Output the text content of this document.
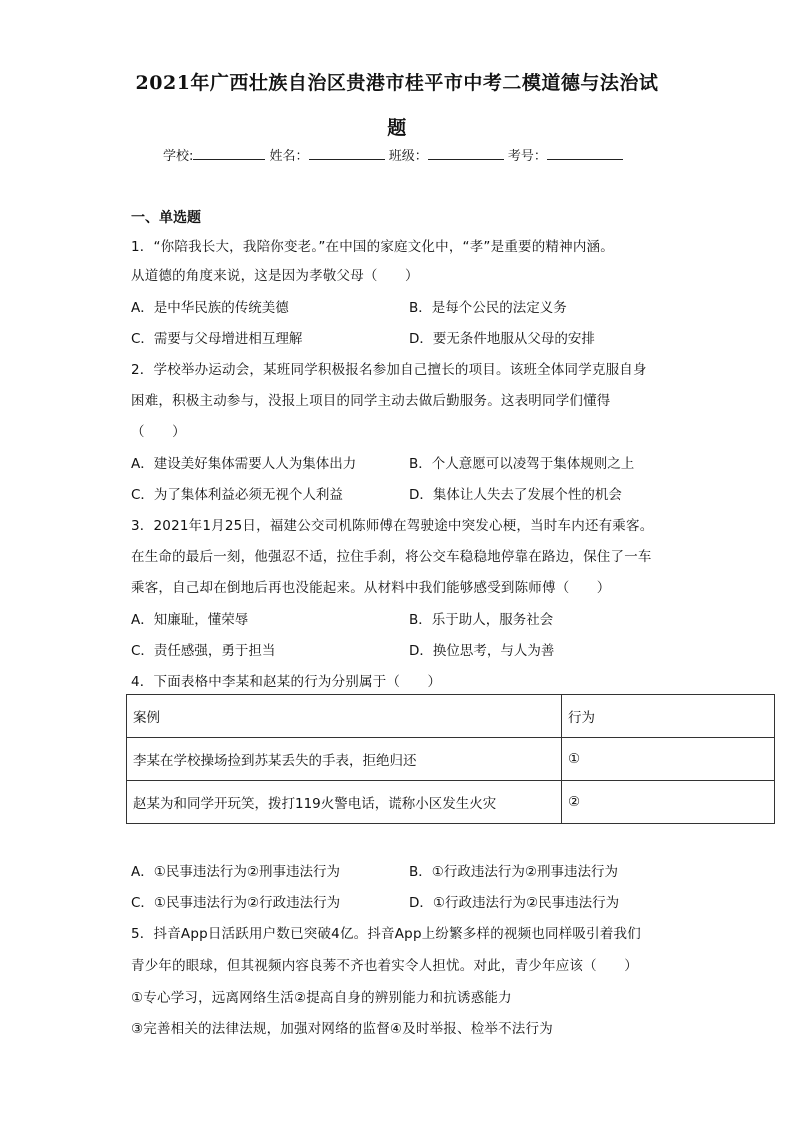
2021年广西壮族自治区贵港市桂平市中考二模道德与法治试
题
学校:	姓名：	班级：	考号：
一、单选题
1．“你陪我长大，我陪你变老。”在中国的家庭文化中，“孝”是重要的精神内涵。
从道德的角度来说，这是因为孝敬父母（　　）
A．是中华民族的传统美德	B．是每个公民的法定义务
C．需要与父母增进相互理解	D．要无条件地服从父母的安排
2．学校举办运动会，某班同学积极报名参加自己擅长的项目。该班全体同学克服自身
困难，积极主动参与，没报上项目的同学主动去做后勤服务。这表明同学们懂得
（　　）
A．建设美好集体需要人人为集体出力	B．个人意愿可以凌驾于集体规则之上
C．为了集体利益必须无视个人利益	D．集体让人失去了发展个性的机会
3．2021年1月25日，福建公交司机陈师傅在驾驶途中突发心梗，当时车内还有乘客。
在生命的最后一刻，他强忍不适，拉住手刹，将公交车稳稳地停靠在路边，保住了一车
乘客，自己却在倒地后再也没能起来。从材料中我们能够感受到陈师傅（　　）
A．知廉耻，懂荣辱	B．乐于助人，服务社会
C．责任感强，勇于担当	D．换位思考，与人为善
4．下面表格中李某和赵某的行为分别属于（　　）
案例	行为
李某在学校操场捡到苏某丢失的手表，拒绝归还	①
赵某为和同学开玩笑，拨打119火警电话，谎称小区发生火灾	②
A．①民事违法行为②刑事违法行为	B．①行政违法行为②刑事违法行为
C．①民事违法行为②行政违法行为	D．①行政违法行为②民事违法行为
5．抖音App日活跃用户数已突破4亿。抖音App上纷繁多样的视频也同样吸引着我们
青少年的眼球，但其视频内容良莠不齐也着实令人担忧。对此，青少年应该（　　）
①专心学习，远离网络生活②提高自身的辨别能力和抗诱惑能力
③完善相关的法律法规，加强对网络的监督④及时举报、检举不法行为
